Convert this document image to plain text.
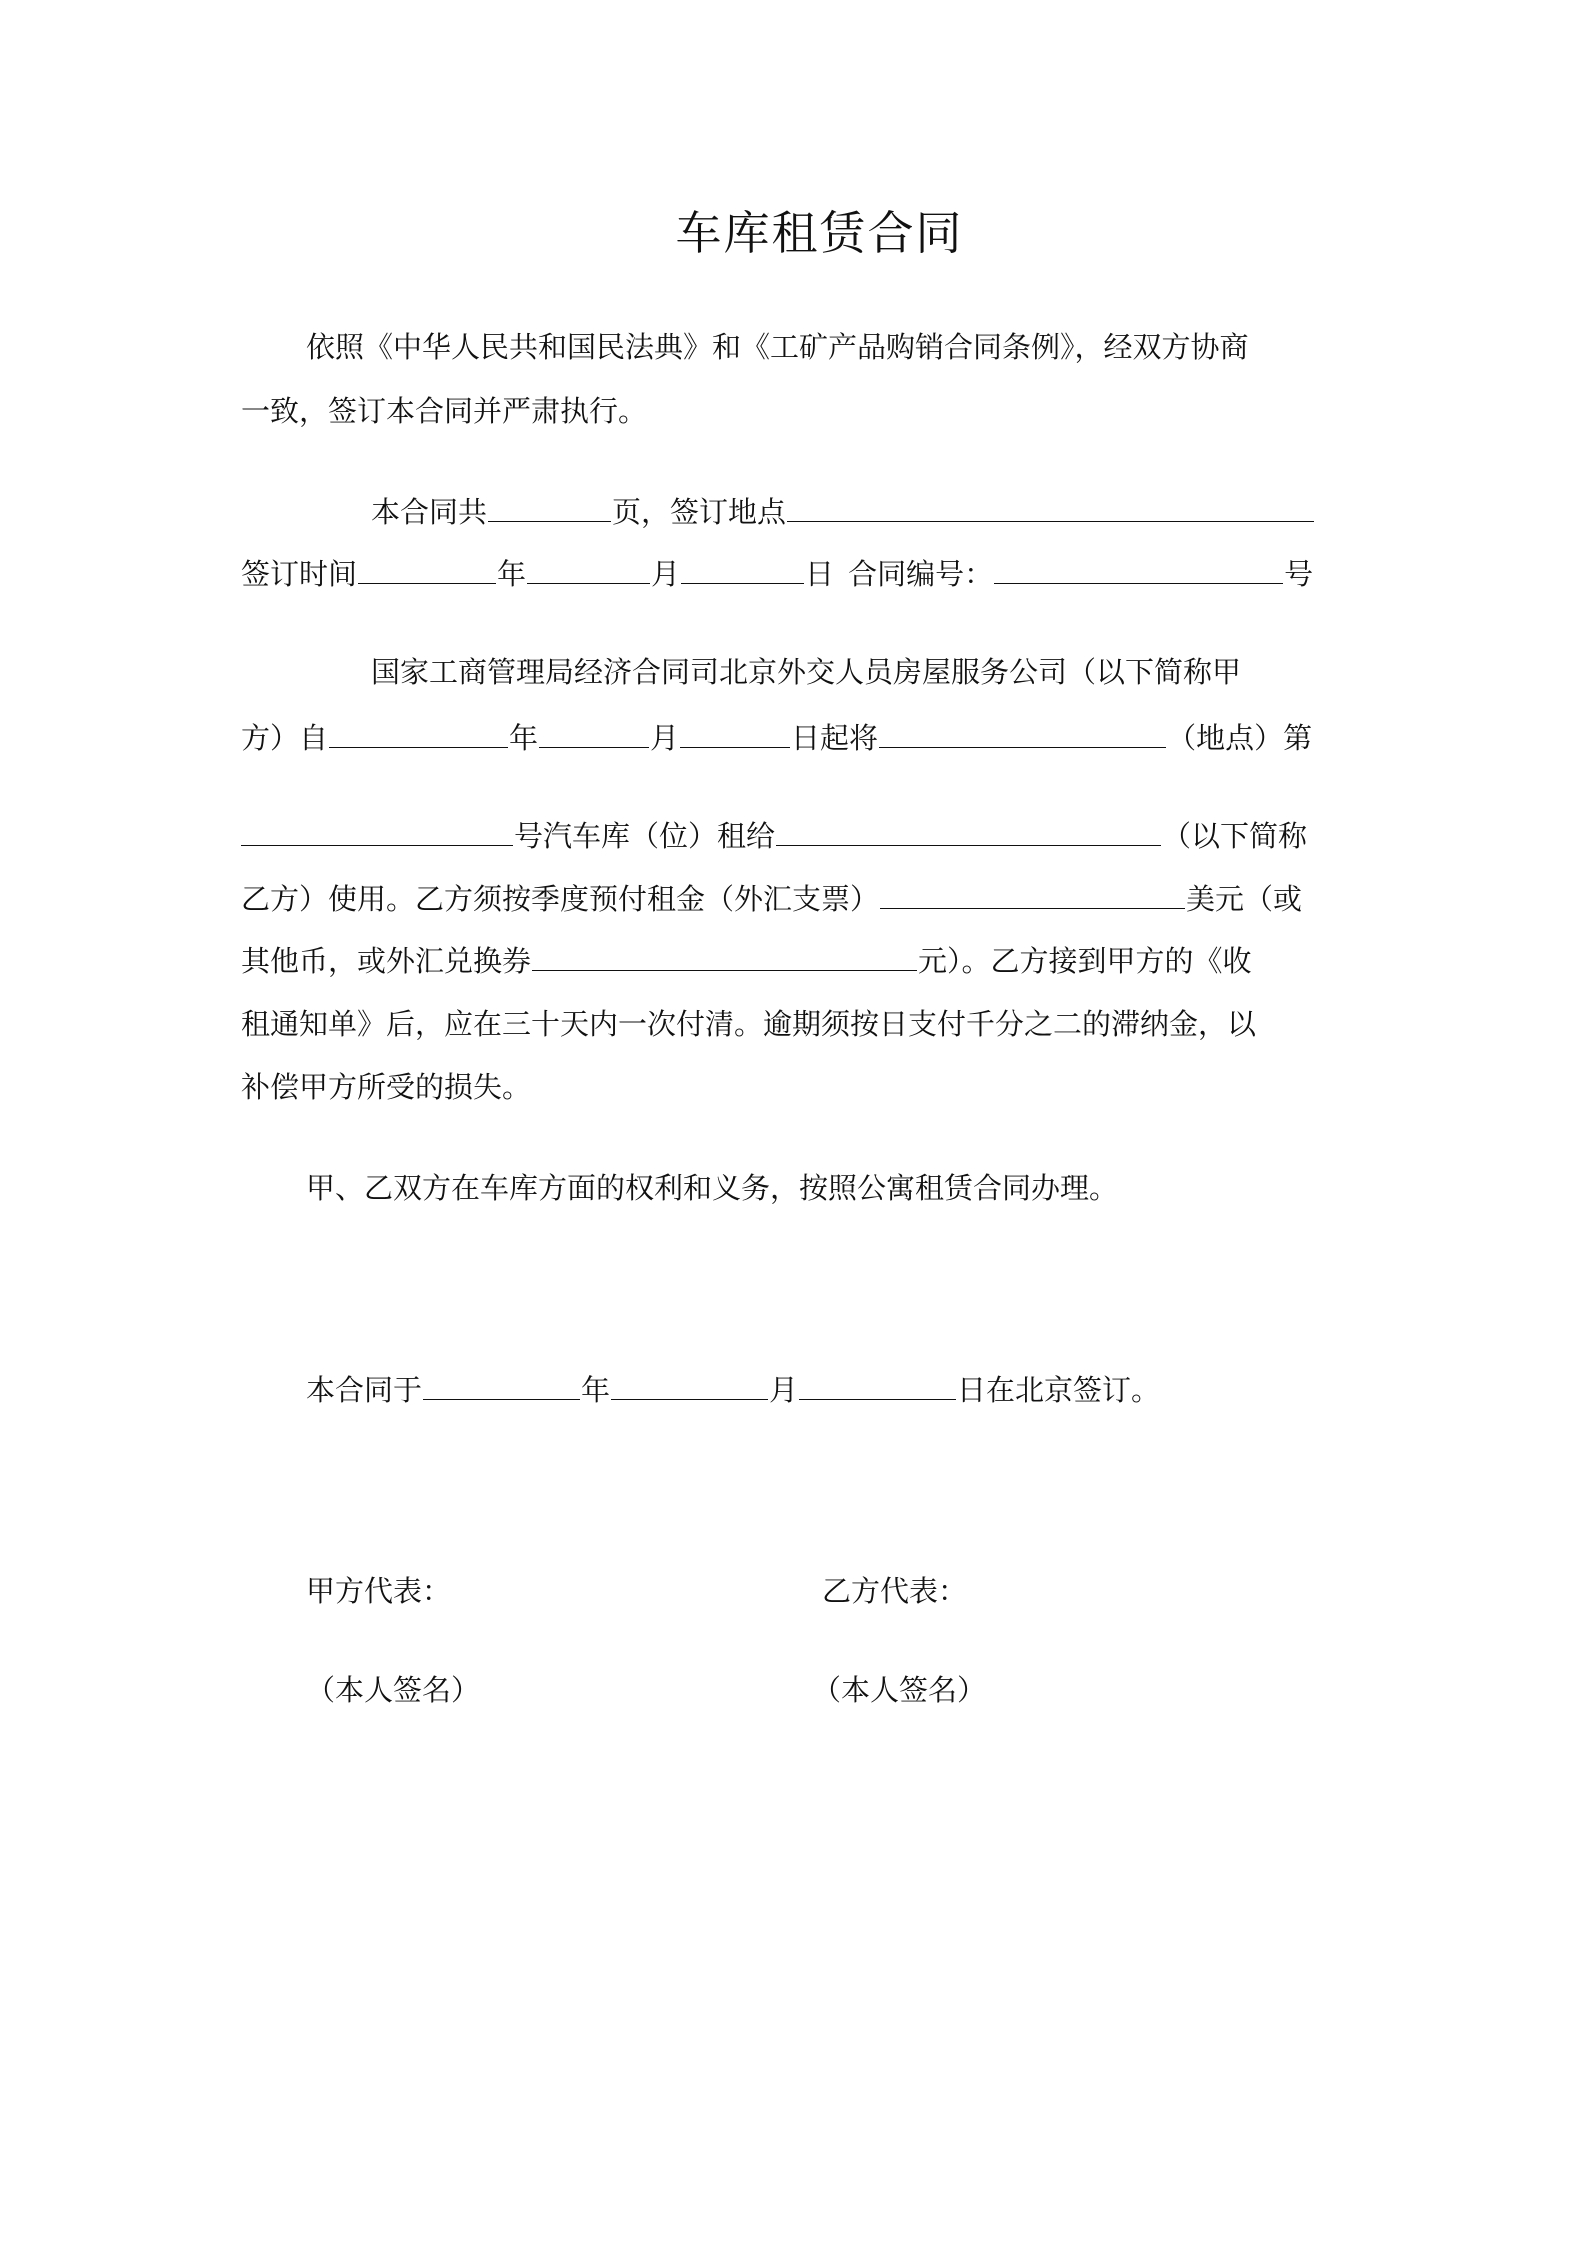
车库租赁合同
依照《中华人民共和国民法典》和《工矿产品购销合同条例》，经双方协商
一致，签订本合同并严肃执行。
本合同共	页，签订地点
签订时间	年	月	日 合同编号：	号
国家工商管理局经济合同司北京外交人员房屋服务公司（以下简称甲
方）自	年	月	日起将	（地点）第
号汽车库（位）租给	（以下简称
乙方）使用。乙方须按季度预付租金（外汇支票）	美元（或
其他币，或外汇兑换券	元）。乙方接到甲方的《收
租通知单》后，应在三十天内一次付清。逾期须按日支付千分之二的滞纳金，以
补偿甲方所受的损失。
甲、乙双方在车库方面的权利和义务，按照公寓租赁合同办理。
本合同于	年	月	日在北京签订。
甲方代表：	乙方代表：
（本人签名）	（本人签名）
